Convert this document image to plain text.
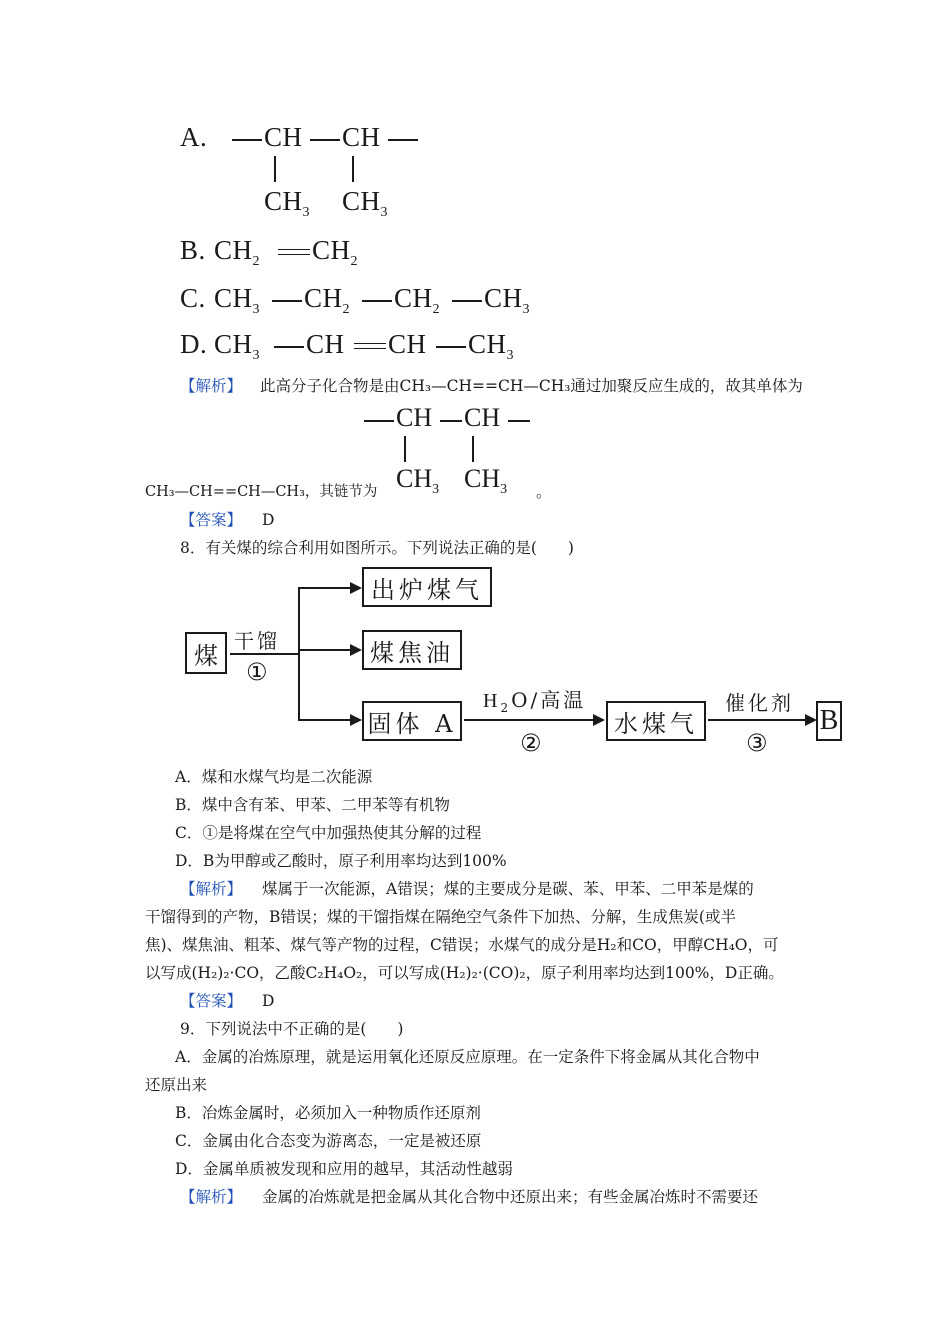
A. CH CH
$CH_3$ $CH_3$
B. $CH_2$ $CH_2$
C. $CH_3$ $CH_2$ $CH_2$ $CH_3$
D. $CH_3$ CH CH $CH_3$
【解析】 此高分子化合物是由CH₃—CH==CH—CH₃通过加聚反应生成的，故其单体为
CH CH
$CH_3$ $CH_3$
CH₃—CH==CH—CH₃，其链节为	。
【答案】 D
8．有关煤的综合利用如图所示。下列说法正确的是(　　)
煤
干馏
①
出炉煤气
煤焦油
固体 A
$H_2O/$高温
②
水煤气
催化剂
③
B
A．煤和水煤气均是二次能源
B．煤中含有苯、甲苯、二甲苯等有机物
C．①是将煤在空气中加强热使其分解的过程
D．B为甲醇或乙酸时，原子利用率均达到100%
【解析】 煤属于一次能源，A错误；煤的主要成分是碳、苯、甲苯、二甲苯是煤的
干馏得到的产物，B错误；煤的干馏指煤在隔绝空气条件下加热、分解，生成焦炭(或半
焦)、煤焦油、粗苯、煤气等产物的过程，C错误；水煤气的成分是H₂和CO，甲醇CH₄O，可
以写成(H₂)₂·CO，乙酸C₂H₄O₂，可以写成(H₂)₂·(CO)₂，原子利用率均达到100%，D正确。
【答案】 D
9．下列说法中不正确的是(　　)
A．金属的冶炼原理，就是运用氧化还原反应原理。在一定条件下将金属从其化合物中
还原出来
B．冶炼金属时，必须加入一种物质作还原剂
C．金属由化合态变为游离态，一定是被还原
D．金属单质被发现和应用的越早，其活动性越弱
【解析】 金属的冶炼就是把金属从其化合物中还原出来；有些金属冶炼时不需要还
